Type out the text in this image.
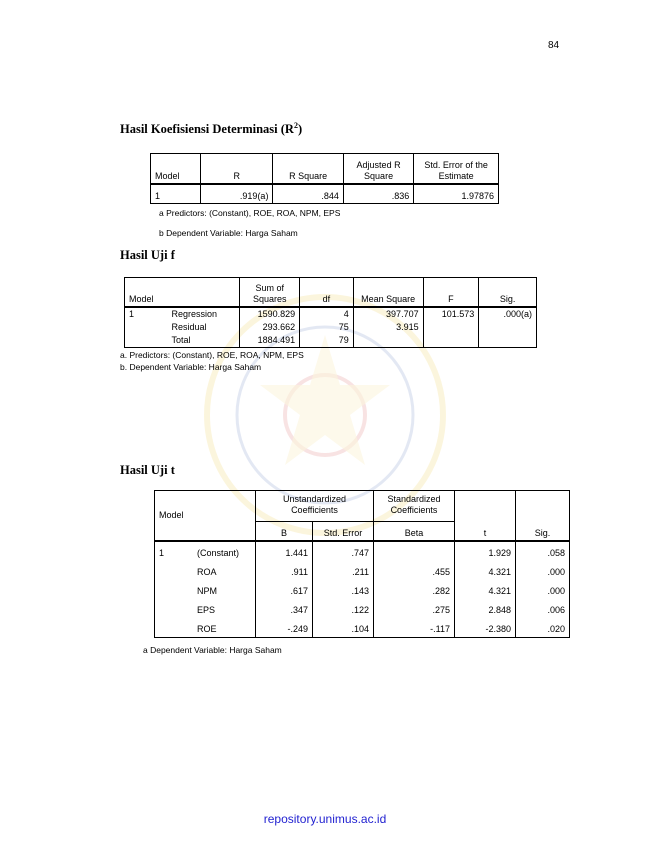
84
Hasil Koefisiensi Determinasi $(R^2)$
Model	R	R Square	Adjusted R Square	Std. Error of the Estimate
1	.919(a)	.844	.836	1.97876
a Predictors: (Constant), ROE, ROA, NPM, EPS
b Dependent Variable: Harga Saham
Hasil Uji f
Model		Sum of Squares	df	Mean Square	F	Sig.
1	Regression	1590.829	4	397.707	101.573	.000(a)
	Residual	293.662	75	3.915		
	Total	1884.491	79			
a. Predictors: (Constant), ROE, ROA, NPM, EPS
b. Dependent Variable: Harga Saham
Hasil Uji t
Model		Unstandardized Coefficients		Standardized Coefficients	t	Sig.
		B	Std. Error	Beta		
1	(Constant)	1.441	.747		1.929	.058
	ROA	.911	.211	.455	4.321	.000
	NPM	.617	.143	.282	4.321	.000
	EPS	.347	.122	.275	2.848	.006
	ROE	-.249	.104	-.117	-2.380	.020
a Dependent Variable: Harga Saham
repository.unimus.ac.id
